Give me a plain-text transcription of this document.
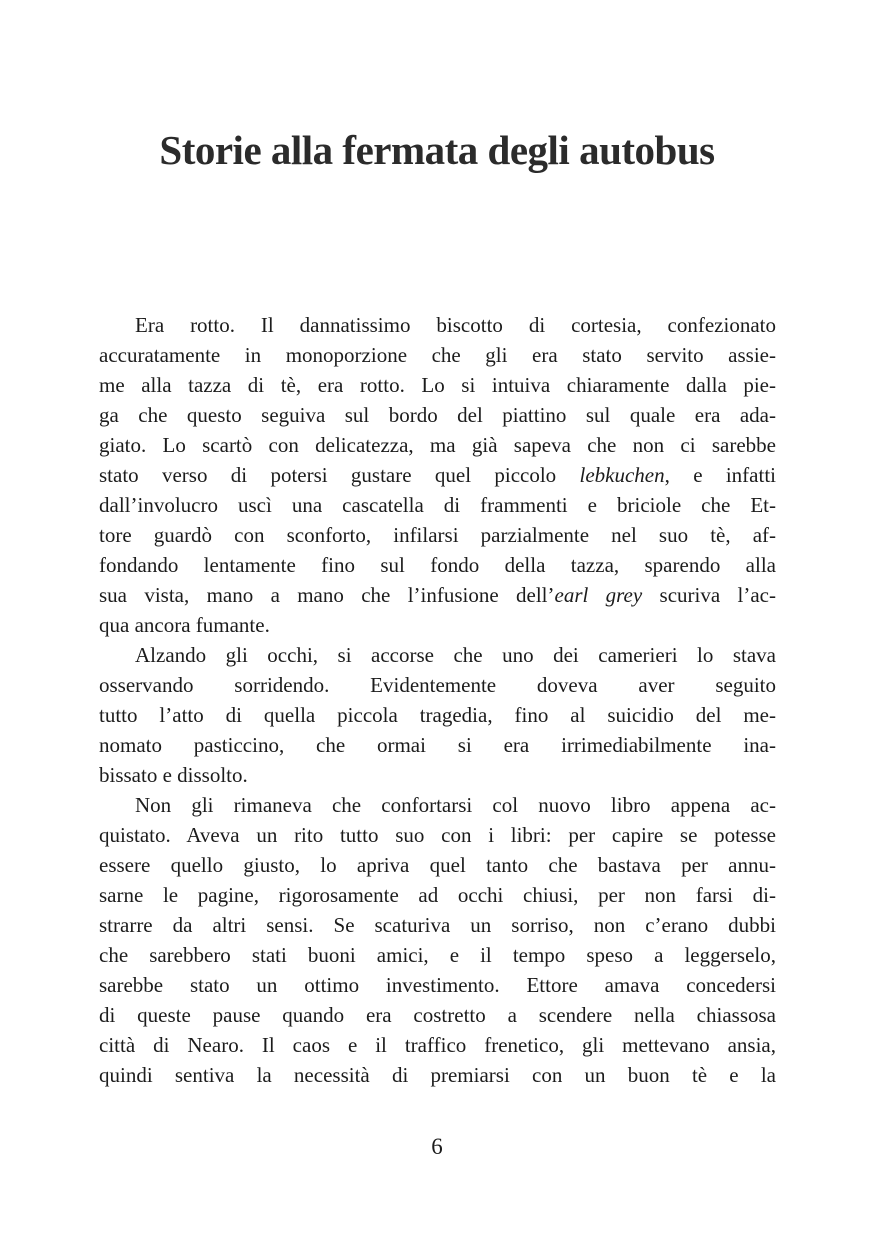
Storie alla fermata degli autobus
Era rotto. Il dannatissimo biscotto di cortesia, confezionato
accuratamente in monoporzione che gli era stato servito assie-
me alla tazza di tè, era rotto. Lo si intuiva chiaramente dalla pie-
ga che questo seguiva sul bordo del piattino sul quale era ada-
giato. Lo scartò con delicatezza, ma già sapeva che non ci sarebbe
stato verso di potersi gustare quel piccolo lebkuchen, e infatti
dall’involucro uscì una cascatella di frammenti e briciole che Et-
tore guardò con sconforto, infilarsi parzialmente nel suo tè, af-
fondando lentamente fino sul fondo della tazza, sparendo alla
sua vista, mano a mano che l’infusione dell’earl grey scuriva l’ac-
qua ancora fumante.
Alzando gli occhi, si accorse che uno dei camerieri lo stava
osservando sorridendo. Evidentemente doveva aver seguito
tutto l’atto di quella piccola tragedia, fino al suicidio del me-
nomato pasticcino, che ormai si era irrimediabilmente ina-
bissato e dissolto.
Non gli rimaneva che confortarsi col nuovo libro appena ac-
quistato. Aveva un rito tutto suo con i libri: per capire se potesse
essere quello giusto, lo apriva quel tanto che bastava per annu-
sarne le pagine, rigorosamente ad occhi chiusi, per non farsi di-
strarre da altri sensi. Se scaturiva un sorriso, non c’erano dubbi
che sarebbero stati buoni amici, e il tempo speso a leggerselo,
sarebbe stato un ottimo investimento. Ettore amava concedersi
di queste pause quando era costretto a scendere nella chiassosa
città di Nearo. Il caos e il traffico frenetico, gli mettevano ansia,
quindi sentiva la necessità di premiarsi con un buon tè e la
6
